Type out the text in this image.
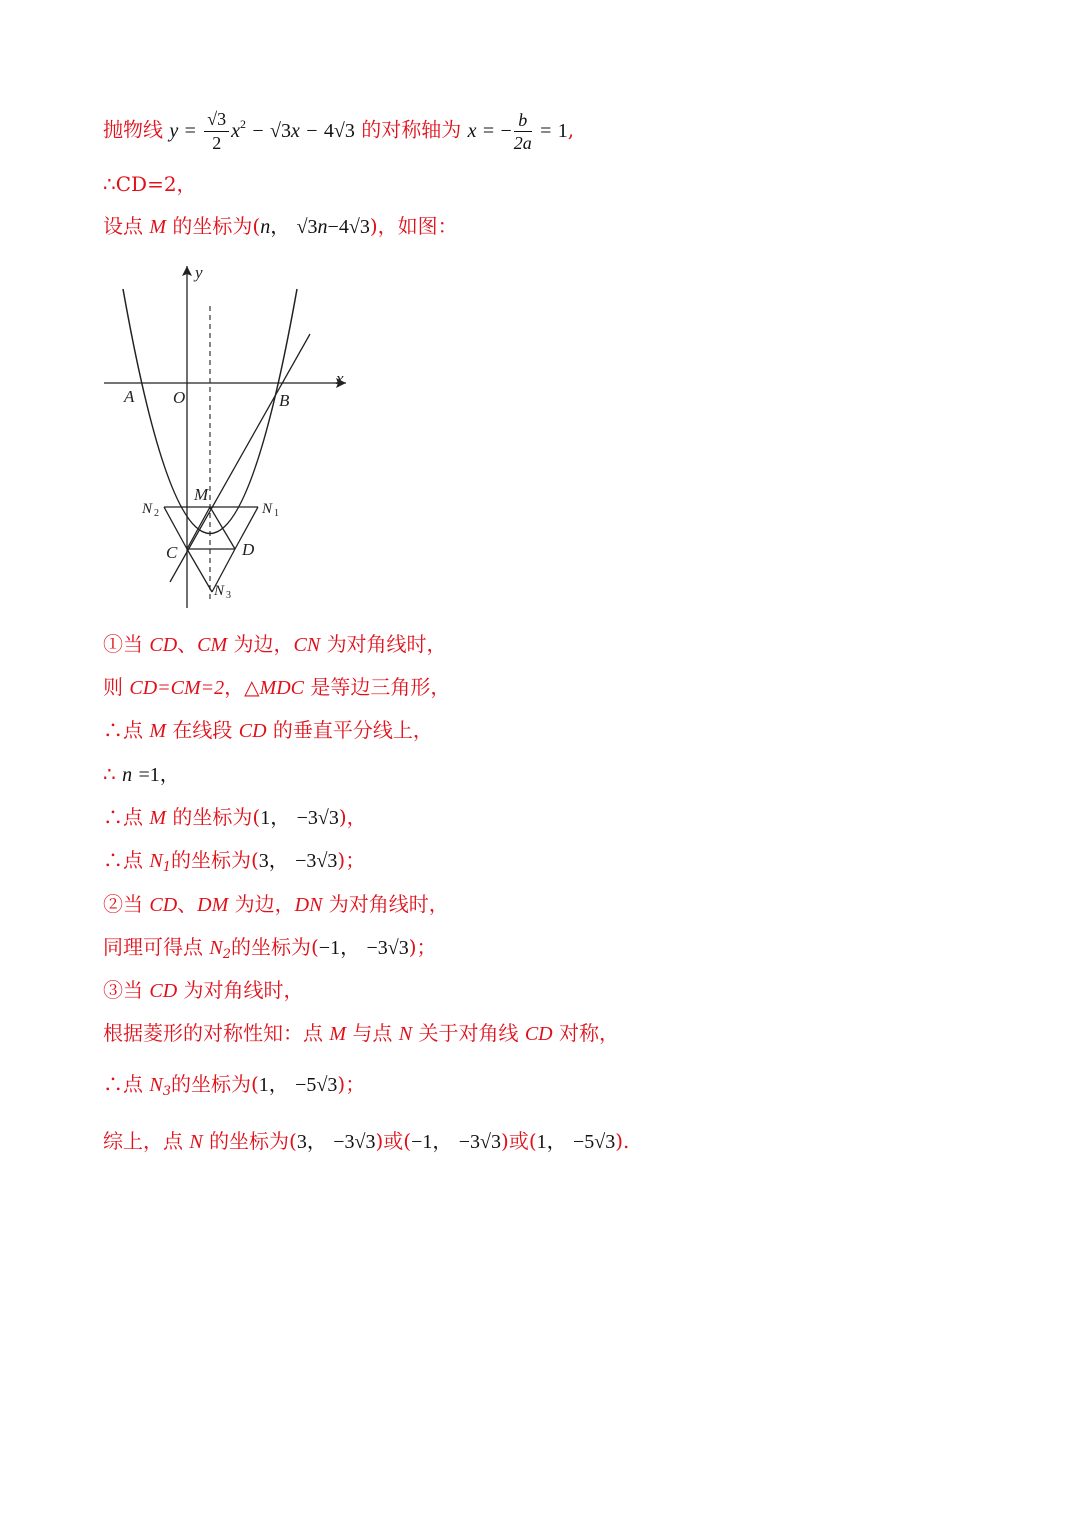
抛物线 $y = \frac{√3}{2} x^2 - √3x - 4√3$ 的对称轴为 x = − $\frac{b}{2a} = 1$,
∴CD=2，
设点 M 的坐标为(n， √3n−4√3)，如图：
y
x
A O	B
M
N 1
N 2
C	D
N 3
①当 CD、CM 为边，CN 为对角线时，
则 CD=CM=2，△MDC 是等边三角形，
∴点 M 在线段 CD 的垂直平分线上，
∴ n =1，
∴点 M 的坐标为(1， −3√3)，
∴点 $N_1$的坐标为(3， −3√3)；
②当 CD、DM 为边，DN 为对角线时，
同理可得点 $N_2$的坐标为(−1， −3√3)；
③当 CD 为对角线时，
根据菱形的对称性知：点 M 与点 N 关于对角线 CD 对称，
∴点 $N_3$的坐标为(1， −5√3)；
综上，点 N 的坐标为(3， −3√3)或(−1， −3√3)或(1， −5√3).
